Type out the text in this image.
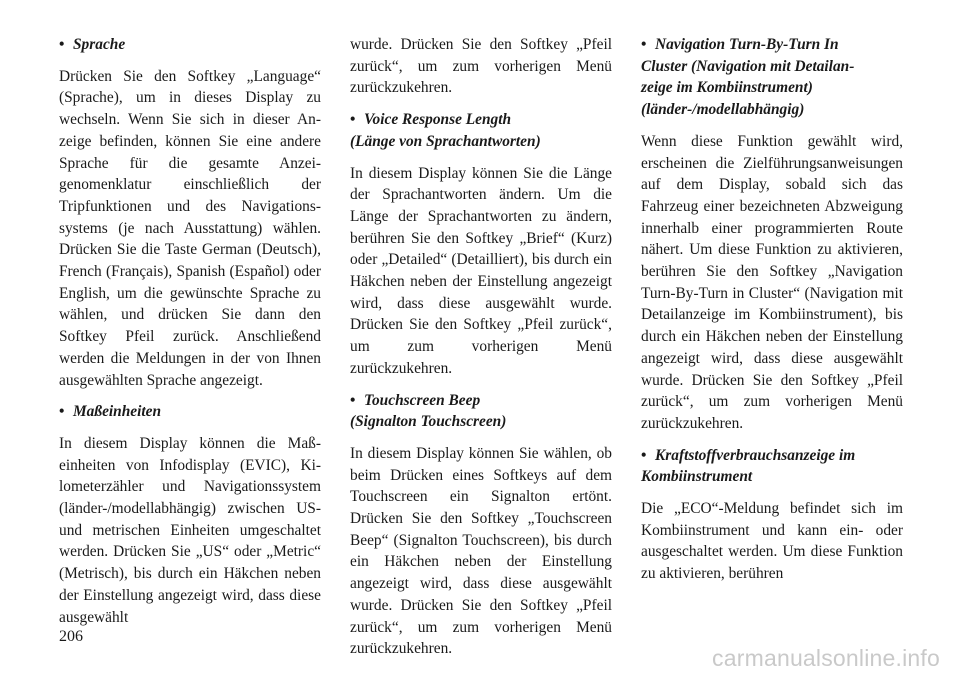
• Sprache

Drücken Sie den Softkey „Language“ (Sprache), um in dieses Display zu wechseln. Wenn Sie sich in dieser Anzeige befinden, können Sie eine andere Sprache für die gesamte Anzeigenomenklatur einschließlich der Tripfunktionen und des Navigationssystems (je nach Ausstattung) wählen. Drücken Sie die Taste German (Deutsch), French (Français), Spanish (Español) oder English, um die gewünschte Sprache zu wählen, und drücken Sie dann den Softkey Pfeil zurück. Anschließend werden die Meldungen in der von Ihnen ausgewählten Sprache angezeigt.

• Maßeinheiten

In diesem Display können die Maßeinheiten von Infodisplay (EVIC), Kilometerzähler und Navigationssystem (länder-/modellabhängig) zwischen US- und metrischen Einheiten umgeschaltet werden. Drücken Sie „US“ oder „Metric“ (Metrisch), bis durch ein Häkchen neben der Einstellung angezeigt wird, dass diese ausgewählt

wurde. Drücken Sie den Softkey „Pfeil zurück“, um zum vorherigen Menü zurückzukehren.

• Voice Response Length
(Länge von Sprachantworten)

In diesem Display können Sie die Länge der Sprachantworten ändern. Um die Länge der Sprachantworten zu ändern, berühren Sie den Softkey „Brief“ (Kurz) oder „Detailed“ (Detailliert), bis durch ein Häkchen neben der Einstellung angezeigt wird, dass diese ausgewählt wurde. Drücken Sie den Softkey „Pfeil zurück“, um zum vorherigen Menü zurückzukehren.

• Touchscreen Beep
(Signalton Touchscreen)

In diesem Display können Sie wählen, ob beim Drücken eines Softkeys auf dem Touchscreen ein Signalton ertönt. Drücken Sie den Softkey „Touchscreen Beep“ (Signalton Touchscreen), bis durch ein Häkchen neben der Einstellung angezeigt wird, dass diese ausgewählt wurde. Drücken Sie den Softkey „Pfeil zurück“, um zum vorherigen Menü zurückzukehren.

• Navigation Turn-By-Turn In
Cluster (Navigation mit Detailan-
zeige im Kombiinstrument)
(länder-/modellabhängig)

Wenn diese Funktion gewählt wird, erscheinen die Zielführungsanweisungen auf dem Display, sobald sich das Fahrzeug einer bezeichneten Abzweigung innerhalb einer programmierten Route nähert. Um diese Funktion zu aktivieren, berühren Sie den Softkey „Navigation Turn-By-Turn in Cluster“ (Navigation mit Detailanzeige im Kombiinstrument), bis durch ein Häkchen neben der Einstellung angezeigt wird, dass diese ausgewählt wurde. Drücken Sie den Softkey „Pfeil zurück“, um zum vorherigen Menü zurückzukehren.

• Kraftstoffverbrauchsanzeige im
Kombiinstrument

Die „ECO“-Meldung befindet sich im Kombiinstrument und kann ein- oder ausgeschaltet werden. Um diese Funktion zu aktivieren, berühren

206
carmanualsonline.info
